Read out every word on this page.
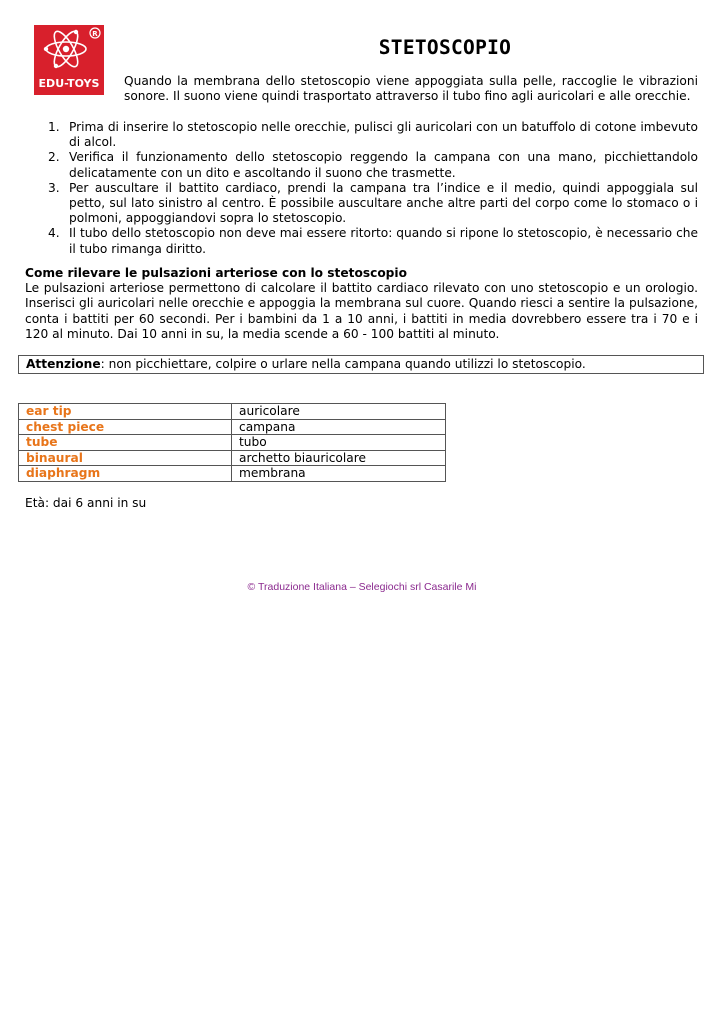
R
EDU-TOYS
STETOSCOPIO
Quando la membrana dello stetoscopio viene appoggiata sulla pelle, raccoglie le vibrazioni sonore. Il suono viene quindi trasportato attraverso il tubo fino agli auricolari e alle orecchie.
1. Prima di inserire lo stetoscopio nelle orecchie, pulisci gli auricolari con un batuffolo di cotone imbevuto di alcol.
2. Verifica il funzionamento dello stetoscopio reggendo la campana con una mano, picchiettandolo delicatamente con un dito e ascoltando il suono che trasmette.
3. Per auscultare il battito cardiaco, prendi la campana tra l’indice e il medio, quindi appoggiala sul petto, sul lato sinistro al centro. È possibile auscultare anche altre parti del corpo come lo stomaco o i polmoni, appoggiandovi sopra lo stetoscopio.
4. Il tubo dello stetoscopio non deve mai essere ritorto: quando si ripone lo stetoscopio, è necessario che il tubo rimanga diritto.
Come rilevare le pulsazioni arteriose con lo stetoscopio
Le pulsazioni arteriose permettono di calcolare il battito cardiaco rilevato con uno stetoscopio e un orologio. Inserisci gli auricolari nelle orecchie e appoggia la membrana sul cuore. Quando riesci a sentire la pulsazione, conta i battiti per 60 secondi. Per i bambini da 1 a 10 anni, i battiti in media dovrebbero essere tra i 70 e i 120 al minuto. Dai 10 anni in su, la media scende a 60 - 100 battiti al minuto.
Attenzione: non picchiettare, colpire o urlare nella campana quando utilizzi lo stetoscopio.
ear tip	auricolare
chest piece	campana
tube	tubo
binaural	archetto biauricolare
diaphragm	membrana
Età: dai 6 anni in su
© Traduzione Italiana – Selegiochi srl Casarile Mi
